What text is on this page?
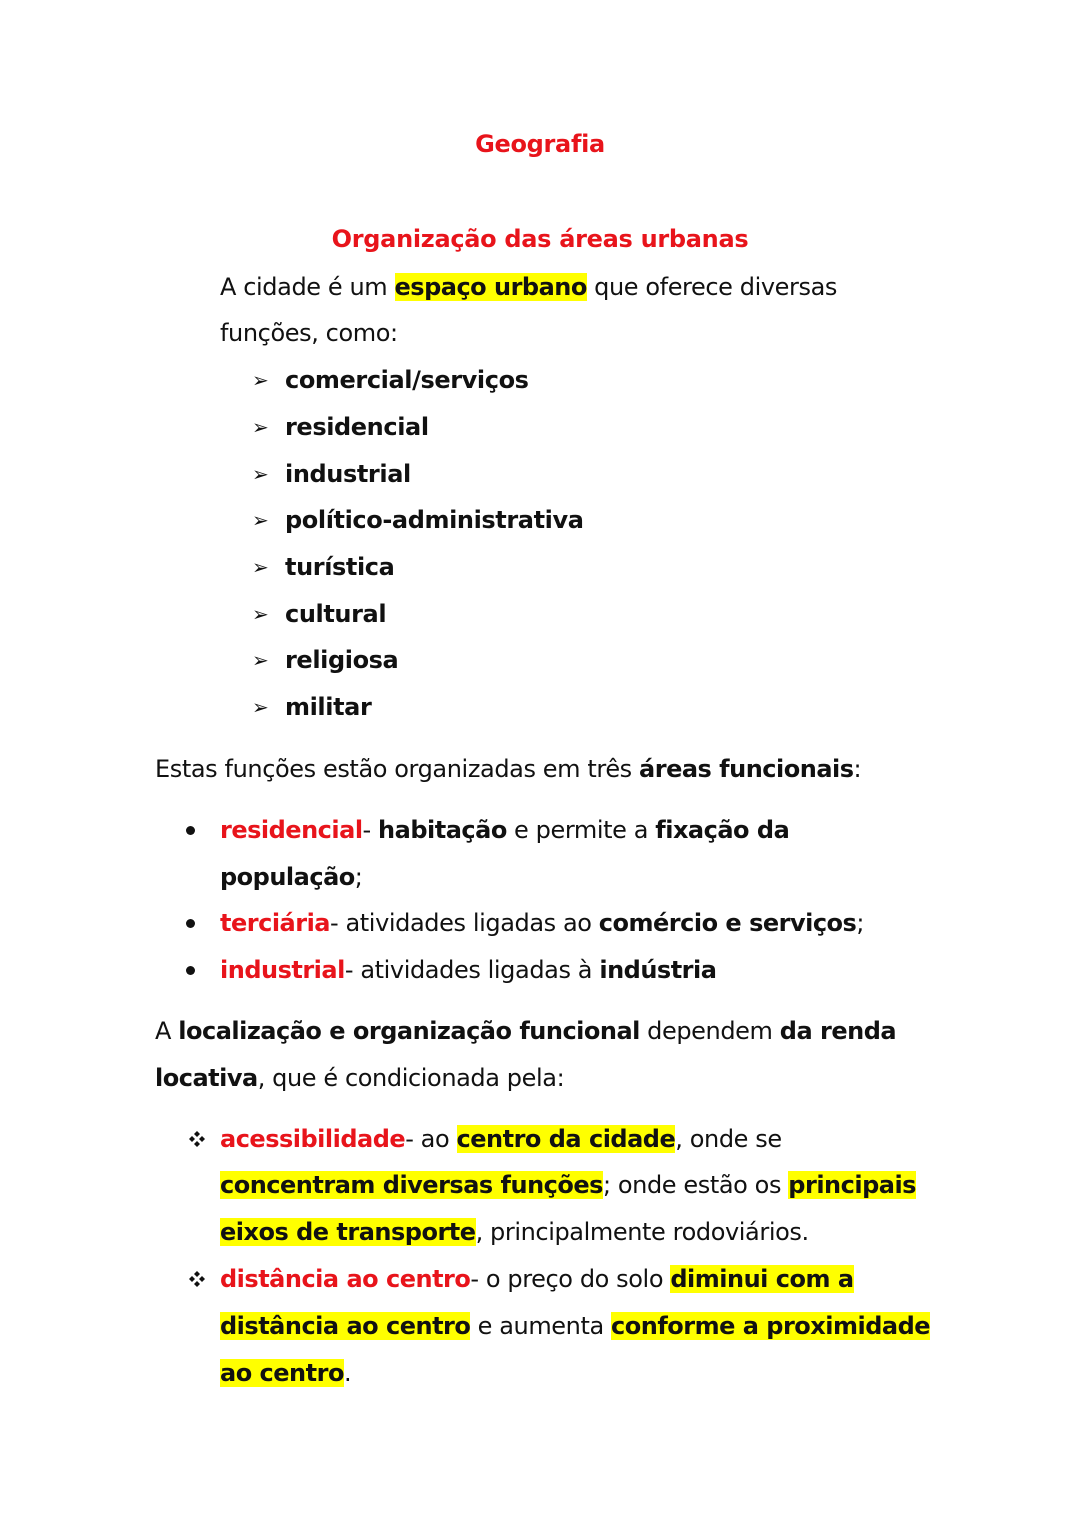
Geografia
Organização das áreas urbanas
A cidade é um espaço urbano que oferece diversas
funções, como:
➢ comercial/serviços
➢ residencial
➢ industrial
➢ político-administrativa
➢ turística
➢ cultural
➢ religiosa
➢ militar
Estas funções estão organizadas em três áreas funcionais:
residencial- habitação e permite a fixação da
população;
terciária- atividades ligadas ao comércio e serviços;
industrial- atividades ligadas à indústria
A localização e organização funcional dependem da renda
locativa, que é condicionada pela:
acessibilidade- ao centro da cidade, onde se
concentram diversas funções; onde estão os principais
eixos de transporte, principalmente rodoviários.
distância ao centro- o preço do solo diminui com a
distância ao centro e aumenta conforme a proximidade
ao centro.
